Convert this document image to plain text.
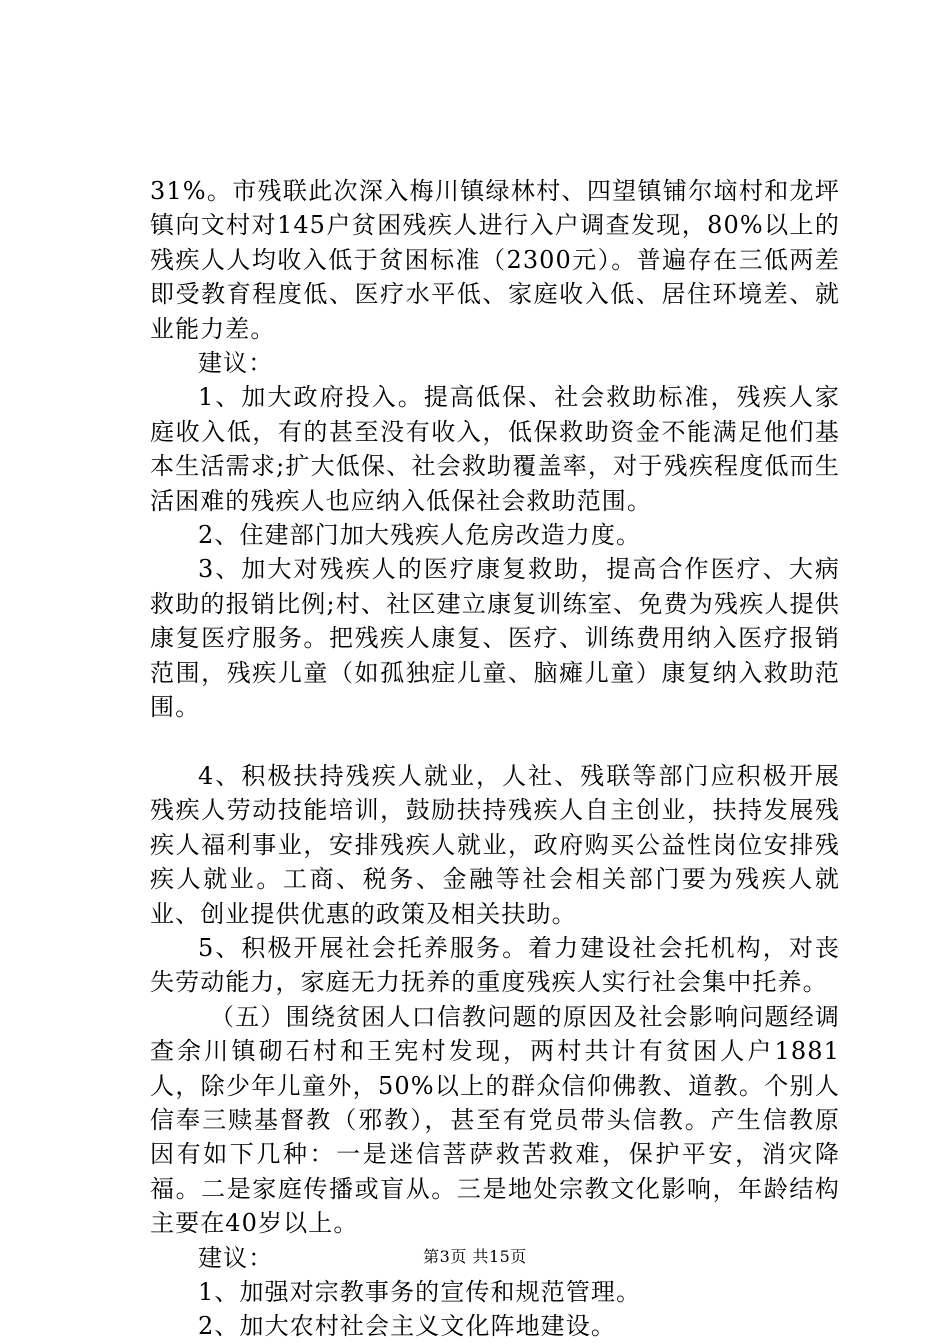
31%。市残联此次深入梅川镇绿林村、四望镇铺尔垴村和龙坪镇向文村对145户贫困残疾人进行入户调查发现，80%以上的残疾人人均收入低于贫困标准（2300元）。普遍存在三低两差即受教育程度低、医疗水平低、家庭收入低、居住环境差、就业能力差。

建议：

1、加大政府投入。提高低保、社会救助标准，残疾人家庭收入低，有的甚至没有收入，低保救助资金不能满足他们基本生活需求;扩大低保、社会救助覆盖率，对于残疾程度低而生活困难的残疾人也应纳入低保社会救助范围。

2、住建部门加大残疾人危房改造力度。

3、加大对残疾人的医疗康复救助，提高合作医疗、大病救助的报销比例;村、社区建立康复训练室、免费为残疾人提供康复医疗服务。把残疾人康复、医疗、训练费用纳入医疗报销范围，残疾儿童（如孤独症儿童、脑瘫儿童）康复纳入救助范围。

4、积极扶持残疾人就业，人社、残联等部门应积极开展残疾人劳动技能培训，鼓励扶持残疾人自主创业，扶持发展残疾人福利事业，安排残疾人就业，政府购买公益性岗位安排残疾人就业。工商、税务、金融等社会相关部门要为残疾人就业、创业提供优惠的政策及相关扶助。

5、积极开展社会托养服务。着力建设社会托机构，对丧失劳动能力，家庭无力抚养的重度残疾人实行社会集中托养。

（五）围绕贫困人口信教问题的原因及社会影响问题经调查余川镇砌石村和王宪村发现，两村共计有贫困人户1881人，除少年儿童外，50%以上的群众信仰佛教、道教。个别人信奉三赎基督教（邪教），甚至有党员带头信教。产生信教原因有如下几种：一是迷信菩萨救苦救难，保护平安，消灾降福。二是家庭传播或盲从。三是地处宗教文化影响，年龄结构主要在40岁以上。

建议：

1、加强对宗教事务的宣传和规范管理。

2、加大农村社会主义文化阵地建设。

第3页 共15页
